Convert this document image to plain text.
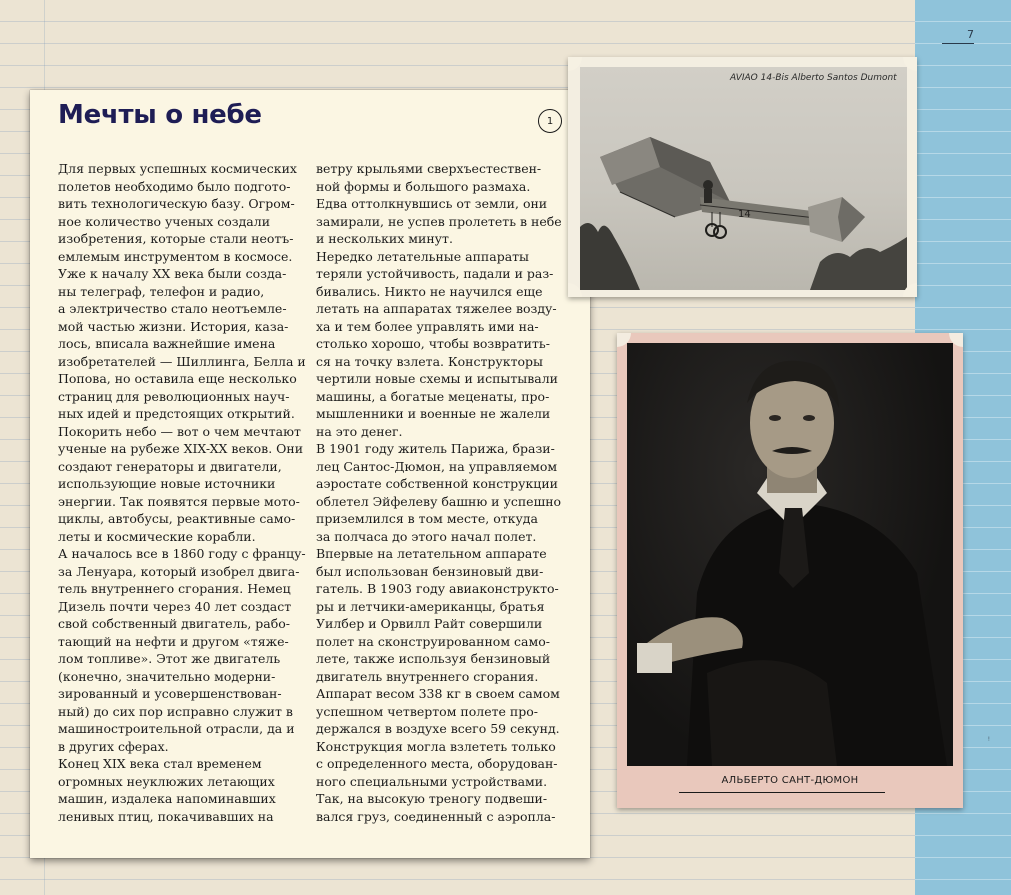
7
ᵎ
Мечты о небе	1
Для первых успешных космических
полетов необходимо было подгото-
вить технологическую базу. Огром-
ное количество ученых создали
изобретения, которые стали неотъ-
емлемым инструментом в космосе.
Уже к началу XX века были созда-
ны телеграф, телефон и радио,
а электричество стало неотъемле-
мой частью жизни. История, каза-
лось, вписала важнейшие имена
изобретателей — Шиллинга, Белла и
Попова, но оставила еще несколько
страниц для революционных науч-
ных идей и предстоящих открытий.
Покорить небо — вот о чем мечтают
ученые на рубеже XIX-XX веков. Они
создают генераторы и двигатели,
использующие новые источники
энергии. Так появятся первые мото-
циклы, автобусы, реактивные само-
леты и космические корабли.
А началось все в 1860 году с францу-
за Ленуара, который изобрел двига-
тель внутреннего сгорания. Немец
Дизель почти через 40 лет создаст
свой собственный двигатель, рабо-
тающий на нефти и другом «тяже-
лом топливе». Этот же двигатель
(конечно, значительно модерни-
зированный и усовершенствован-
ный) до сих пор исправно служит в
машиностроительной отрасли, да и
в других сферах.
Конец XIX века стал временем
огромных неуклюжих летающих
машин, издалека напоминавших
ленивых птиц, покачивавших на
ветру крыльями сверхъестествен-
ной формы и большого размаха.
Едва оттолкнувшись от земли, они
замирали, не успев пролететь в небе
и нескольких минут.
Нередко летательные аппараты
теряли устойчивость, падали и раз-
бивались. Никто не научился еще
летать на аппаратах тяжелее возду-
ха и тем более управлять ими на-
столько хорошо, чтобы возвратить-
ся на точку взлета. Конструкторы
чертили новые схемы и испытывали
машины, а богатые меценаты, про-
мышленники и военные не жалели
на это денег.
В 1901 году житель Парижа, брази-
лец Сантос-Дюмон, на управляемом
аэростате собственной конструкции
облетел Эйфелеву башню и успешно
приземлился в том месте, откуда
за полчаса до этого начал полет.
Впервые на летательном аппарате
был использован бензиновый дви-
гатель. В 1903 году авиаконструкто-
ры и летчики-американцы, братья
Уилбер и Орвилл Райт совершили
полет на сконструированном само-
лете, также используя бензиновый
двигатель внутреннего сгорания.
Аппарат весом 338 кг в своем самом
успешном четвертом полете про-
держался в воздухе всего 59 секунд.
Конструкция могла взлететь только
с определенного места, оборудован-
ного специальными устройствами.
Так, на высокую треногу подвеши-
вался груз, соединенный с аэропла-
14
AVIAO 14-Bis Alberto Santos Dumont
АЛЬБЕРТО САНТ-ДЮМОН
